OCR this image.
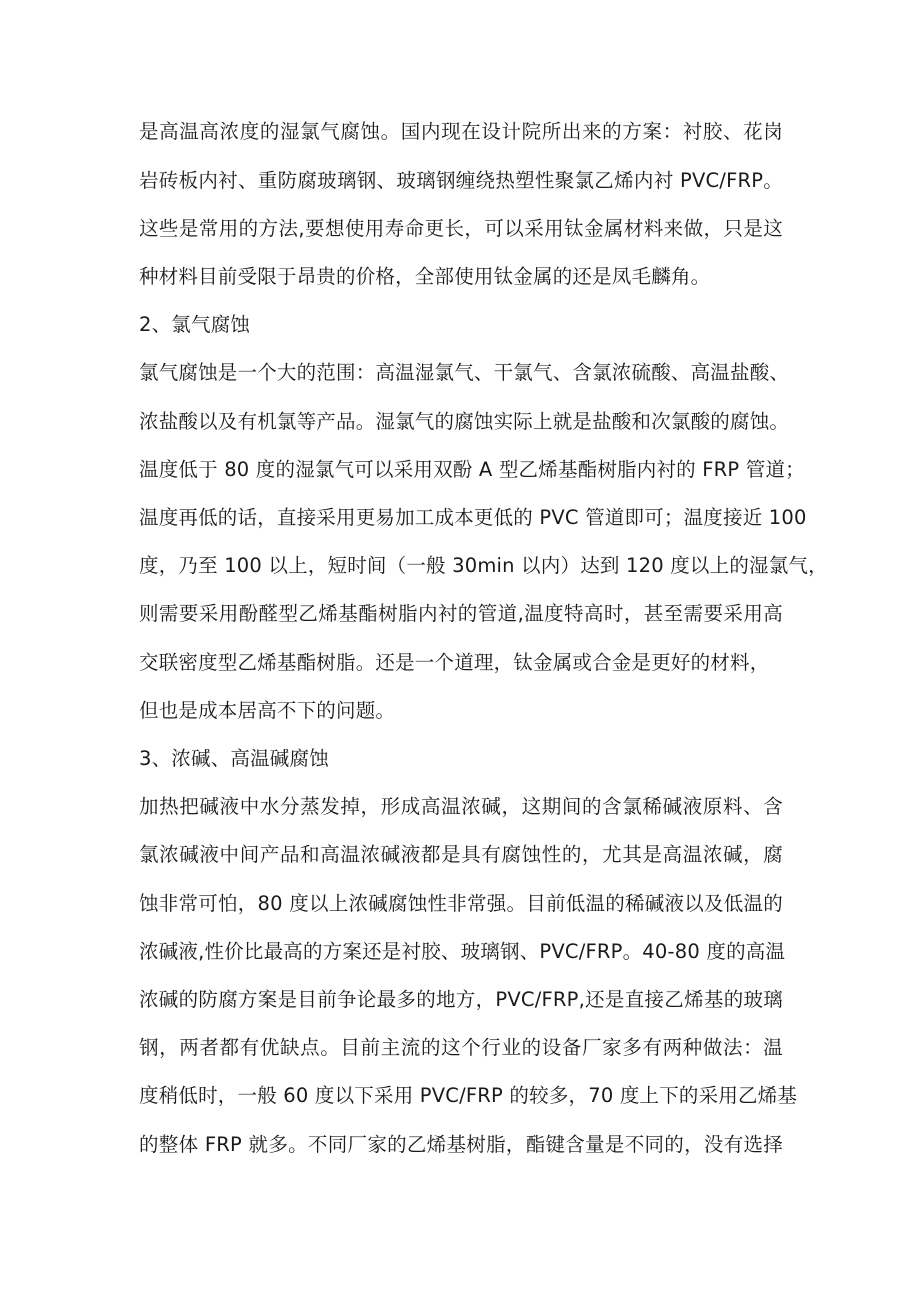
是高温高浓度的湿氯气腐蚀。国内现在设计院所出来的方案：衬胶、花岗
岩砖板内衬、重防腐玻璃钢、玻璃钢缠绕热塑性聚氯乙烯内衬 PVC/FRP。
这些是常用的方法,要想使用寿命更长，可以采用钛金属材料来做，只是这
种材料目前受限于昂贵的价格，全部使用钛金属的还是凤毛麟角。
2、氯气腐蚀
氯气腐蚀是一个大的范围：高温湿氯气、干氯气、含氯浓硫酸、高温盐酸、
浓盐酸以及有机氯等产品。湿氯气的腐蚀实际上就是盐酸和次氯酸的腐蚀。
温度低于 80 度的湿氯气可以采用双酚 A 型乙烯基酯树脂内衬的 FRP 管道；
温度再低的话，直接采用更易加工成本更低的 PVC 管道即可；温度接近 100
度，乃至 100 以上，短时间（一般 30min 以内）达到 120 度以上的湿氯气，
则需要采用酚醛型乙烯基酯树脂内衬的管道,温度特高时，甚至需要采用高
交联密度型乙烯基酯树脂。还是一个道理，钛金属或合金是更好的材料，
但也是成本居高不下的问题。
3、浓碱、高温碱腐蚀
加热把碱液中水分蒸发掉，形成高温浓碱，这期间的含氯稀碱液原料、含
氯浓碱液中间产品和高温浓碱液都是具有腐蚀性的，尤其是高温浓碱，腐
蚀非常可怕，80 度以上浓碱腐蚀性非常强。目前低温的稀碱液以及低温的
浓碱液,性价比最高的方案还是衬胶、玻璃钢、PVC/FRP。40-80 度的高温
浓碱的防腐方案是目前争论最多的地方，PVC/FRP,还是直接乙烯基的玻璃
钢，两者都有优缺点。目前主流的这个行业的设备厂家多有两种做法：温
度稍低时，一般 60 度以下采用 PVC/FRP 的较多，70 度上下的采用乙烯基
的整体 FRP 就多。不同厂家的乙烯基树脂，酯键含量是不同的，没有选择
